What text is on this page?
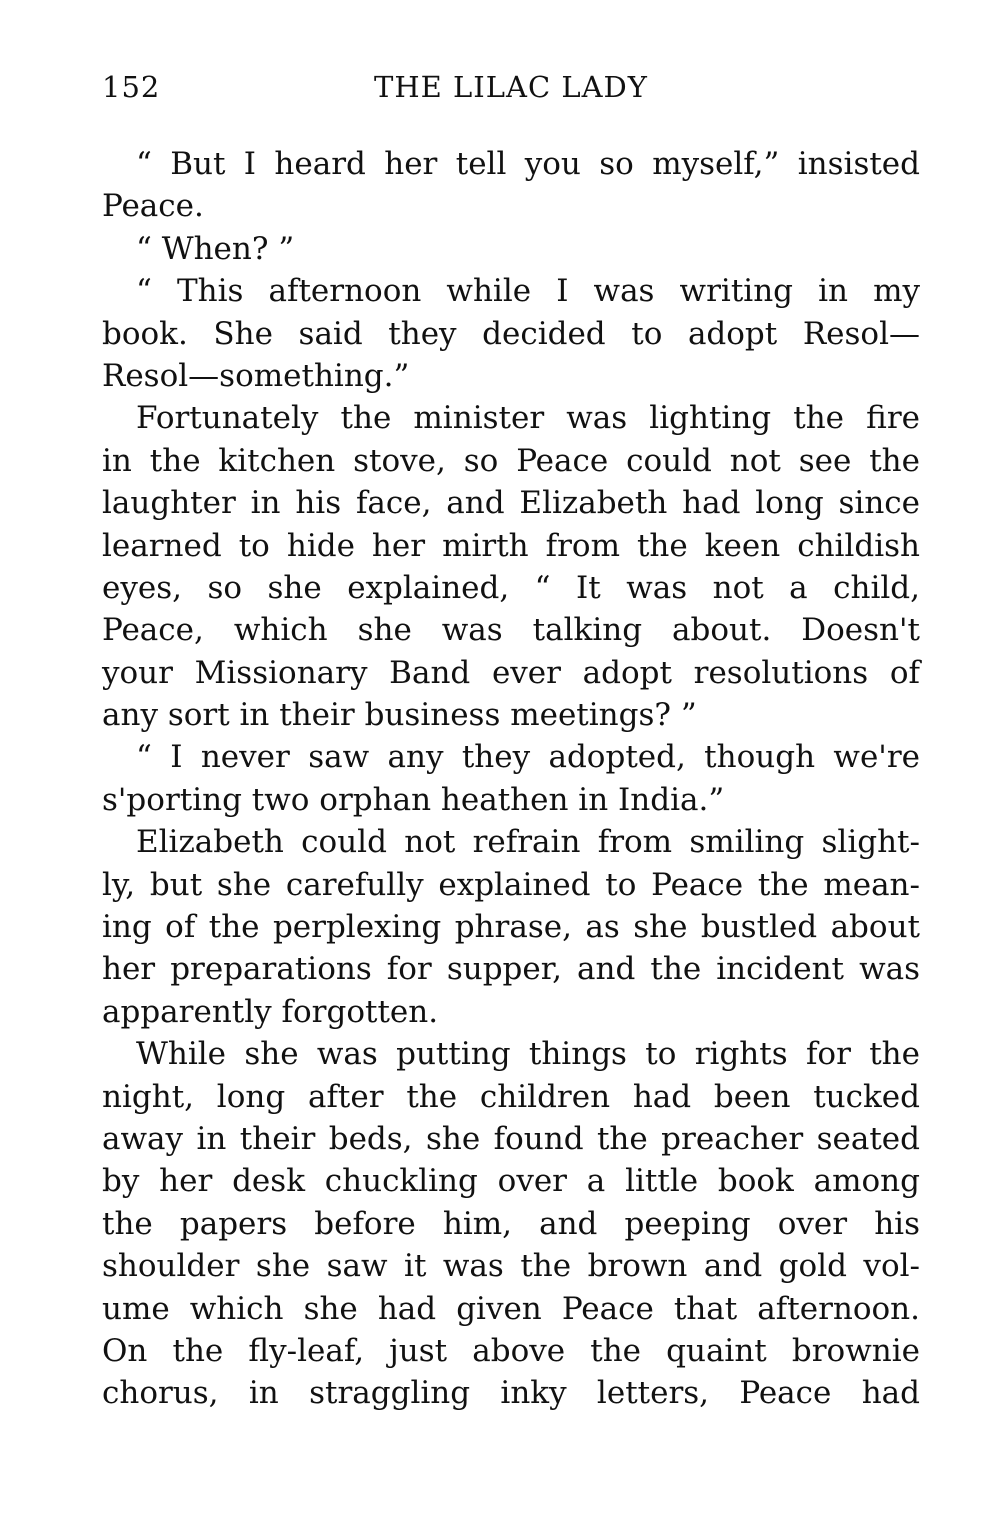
152	THE LILAC LADY
“ But I heard her tell you so myself,” insisted
Peace.
“ When? ”
“ This afternoon while I was writing in my
book. She said they decided to adopt Resol—
Resol—something.”
Fortunately the minister was lighting the fire
in the kitchen stove, so Peace could not see the
laughter in his face, and Elizabeth had long since
learned to hide her mirth from the keen childish
eyes, so she explained, “ It was not a child,
Peace, which she was talking about. Doesn't
your Missionary Band ever adopt resolutions of
any sort in their business meetings? ”
“ I never saw any they adopted, though we're
s'porting two orphan heathen in India.”
Elizabeth could not refrain from smiling slight-
ly, but she carefully explained to Peace the mean-
ing of the perplexing phrase, as she bustled about
her preparations for supper, and the incident was
apparently forgotten.
While she was putting things to rights for the
night, long after the children had been tucked
away in their beds, she found the preacher seated
by her desk chuckling over a little book among
the papers before him, and peeping over his
shoulder she saw it was the brown and gold vol-
ume which she had given Peace that afternoon.
On the fly-leaf, just above the quaint brownie
chorus, in straggling inky letters, Peace had
